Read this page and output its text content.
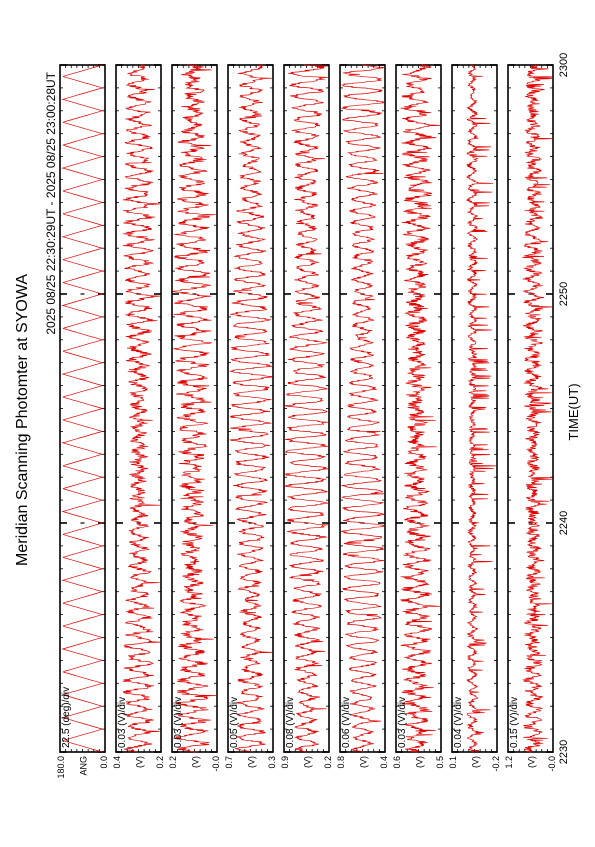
Meridian Scanning Photomter at SYOWA
2025 08/25 22:30:29UT - 2025 08/25 23:00:28UT
TIME(UT)
22.5 (deg)/div
180.0	0.0
ANG
0.03 (V)/div
0.4	0.2
(V)
0.03 (V)/div
0.2	-0.0
(V)
0.05 (V)/div
0.7	0.3
(V)
0.08 (V)/div
0.9	0.2
(V)
0.06 (V)/div
0.8	0.4
(V)
0.03 (V)/div
0.6	0.5
(V)
0.04 (V)/div
0.1	-0.2
(V)
0.15 (V)/div
1.2	-0.0
(V) 2230
2240
2250
2300
